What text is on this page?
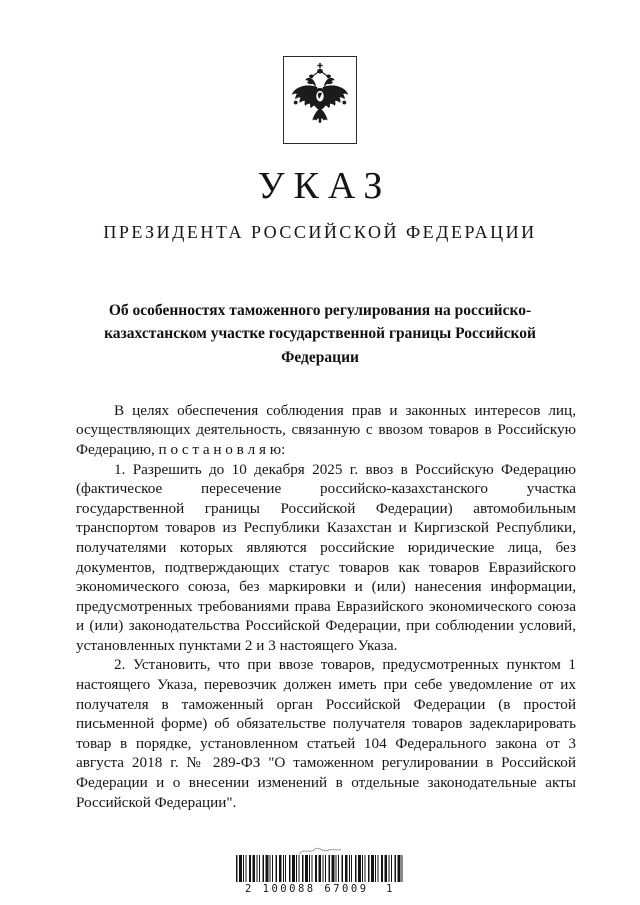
УКАЗ
ПРЕЗИДЕНТА РОССИЙСКОЙ ФЕДЕРАЦИИ
Об особенностях таможенного регулирования на российско-казахстанском участке государственной границы Российской Федерации

В целях обеспечения соблюдения прав и законных интересов лиц, осуществляющих деятельность, связанную с ввозом товаров в Российскую Федерацию, п о с т а н о в л я ю:

1. Разрешить до 10 декабря 2025 г. ввоз в Российскую Федерацию (фактическое пересечение российско-казахстанского участка государственной границы Российской Федерации) автомобильным транспортом товаров из Республики Казахстан и Киргизской Республики, получателями которых являются российские юридические лица, без документов, подтверждающих статус товаров как товаров Евразийского экономического союза, без маркировки и (или) нанесения информации, предусмотренных требованиями права Евразийского экономического союза и (или) законодательства Российской Федерации, при соблюдении условий, установленных пунктами 2 и 3 настоящего Указа.

2. Установить, что при ввозе товаров, предусмотренных пунктом 1 настоящего Указа, перевозчик должен иметь при себе уведомление от их получателя в таможенный орган Российской Федерации (в простой письменной форме) об обязательстве получателя товаров задекларировать товар в порядке, установленном статьей 104 Федерального закона от 3 августа 2018 г. № 289-ФЗ "О таможенном регулировании в Российской Федерации и о внесении изменений в отдельные законодательные акты Российской Федерации".

2 100088 67009  1
